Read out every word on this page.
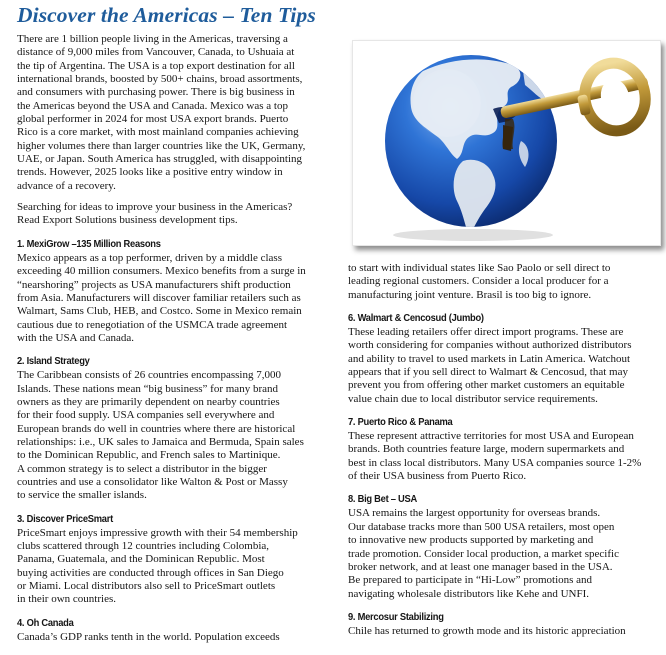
Discover the Americas – Ten Tips

There are 1 billion people living in the Americas, traversing a
distance of 9,000 miles from Vancouver, Canada, to Ushuaia at
the tip of Argentina. The USA is a top export destination for all
international brands, boosted by 500+ chains, broad assortments,
and consumers with purchasing power. There is big business in
the Americas beyond the USA and Canada. Mexico was a top
global performer in 2024 for most USA export brands. Puerto
Rico is a core market, with most mainland companies achieving
higher volumes there than larger countries like the UK, Germany,
UAE, or Japan. South America has struggled, with disappointing
trends. However, 2025 looks like a positive entry window in
advance of a recovery.

Searching for ideas to improve your business in the Americas?
Read Export Solutions business development tips.

1. MexiGrow –135 Million Reasons

Mexico appears as a top performer, driven by a middle class
exceeding 40 million consumers. Mexico benefits from a surge in
“nearshoring” projects as USA manufacturers shift production
from Asia. Manufacturers will discover familiar retailers such as
Walmart, Sams Club, HEB, and Costco. Some in Mexico remain
cautious due to renegotiation of the USMCA trade agreement
with the USA and Canada.

2. Island Strategy

The Caribbean consists of 26 countries encompassing 7,000
Islands. These nations mean “big business” for many brand
owners as they are primarily dependent on nearby countries
for their food supply. USA companies sell everywhere and
European brands do well in countries where there are historical
relationships: i.e., UK sales to Jamaica and Bermuda, Spain sales
to the Dominican Republic, and French sales to Martinique.
A common strategy is to select a distributor in the bigger
countries and use a consolidator like Walton & Post or Massy
to service the smaller islands.

3. Discover PriceSmart

PriceSmart enjoys impressive growth with their 54 membership
clubs scattered through 12 countries including Colombia,
Panama, Guatemala, and the Dominican Republic. Most
buying activities are conducted through offices in San Diego
or Miami. Local distributors also sell to PriceSmart outlets
in their own countries.

4. Oh Canada

Canada’s GDP ranks tenth in the world. Population exceeds

to start with individual states like Sao Paolo or sell direct to
leading regional customers. Consider a local producer for a
manufacturing joint venture. Brasil is too big to ignore.

6. Walmart & Cencosud (Jumbo)

These leading retailers offer direct import programs. These are
worth considering for companies without authorized distributors
and ability to travel to used markets in Latin America. Watchout
appears that if you sell direct to Walmart & Cencosud, that may
prevent you from offering other market customers an equitable
value chain due to local distributor service requirements.

7. Puerto Rico & Panama

These represent attractive territories for most USA and European
brands. Both countries feature large, modern supermarkets and
best in class local distributors. Many USA companies source 1-2%
of their USA business from Puerto Rico.

8. Big Bet – USA

USA remains the largest opportunity for overseas brands.
Our database tracks more than 500 USA retailers, most open
to innovative new products supported by marketing and
trade promotion. Consider local production, a market specific
broker network, and at least one manager based in the USA.
Be prepared to participate in “Hi-Low” promotions and
navigating wholesale distributors like Kehe and UNFI.

9. Mercosur Stabilizing

Chile has returned to growth mode and its historic appreciation
